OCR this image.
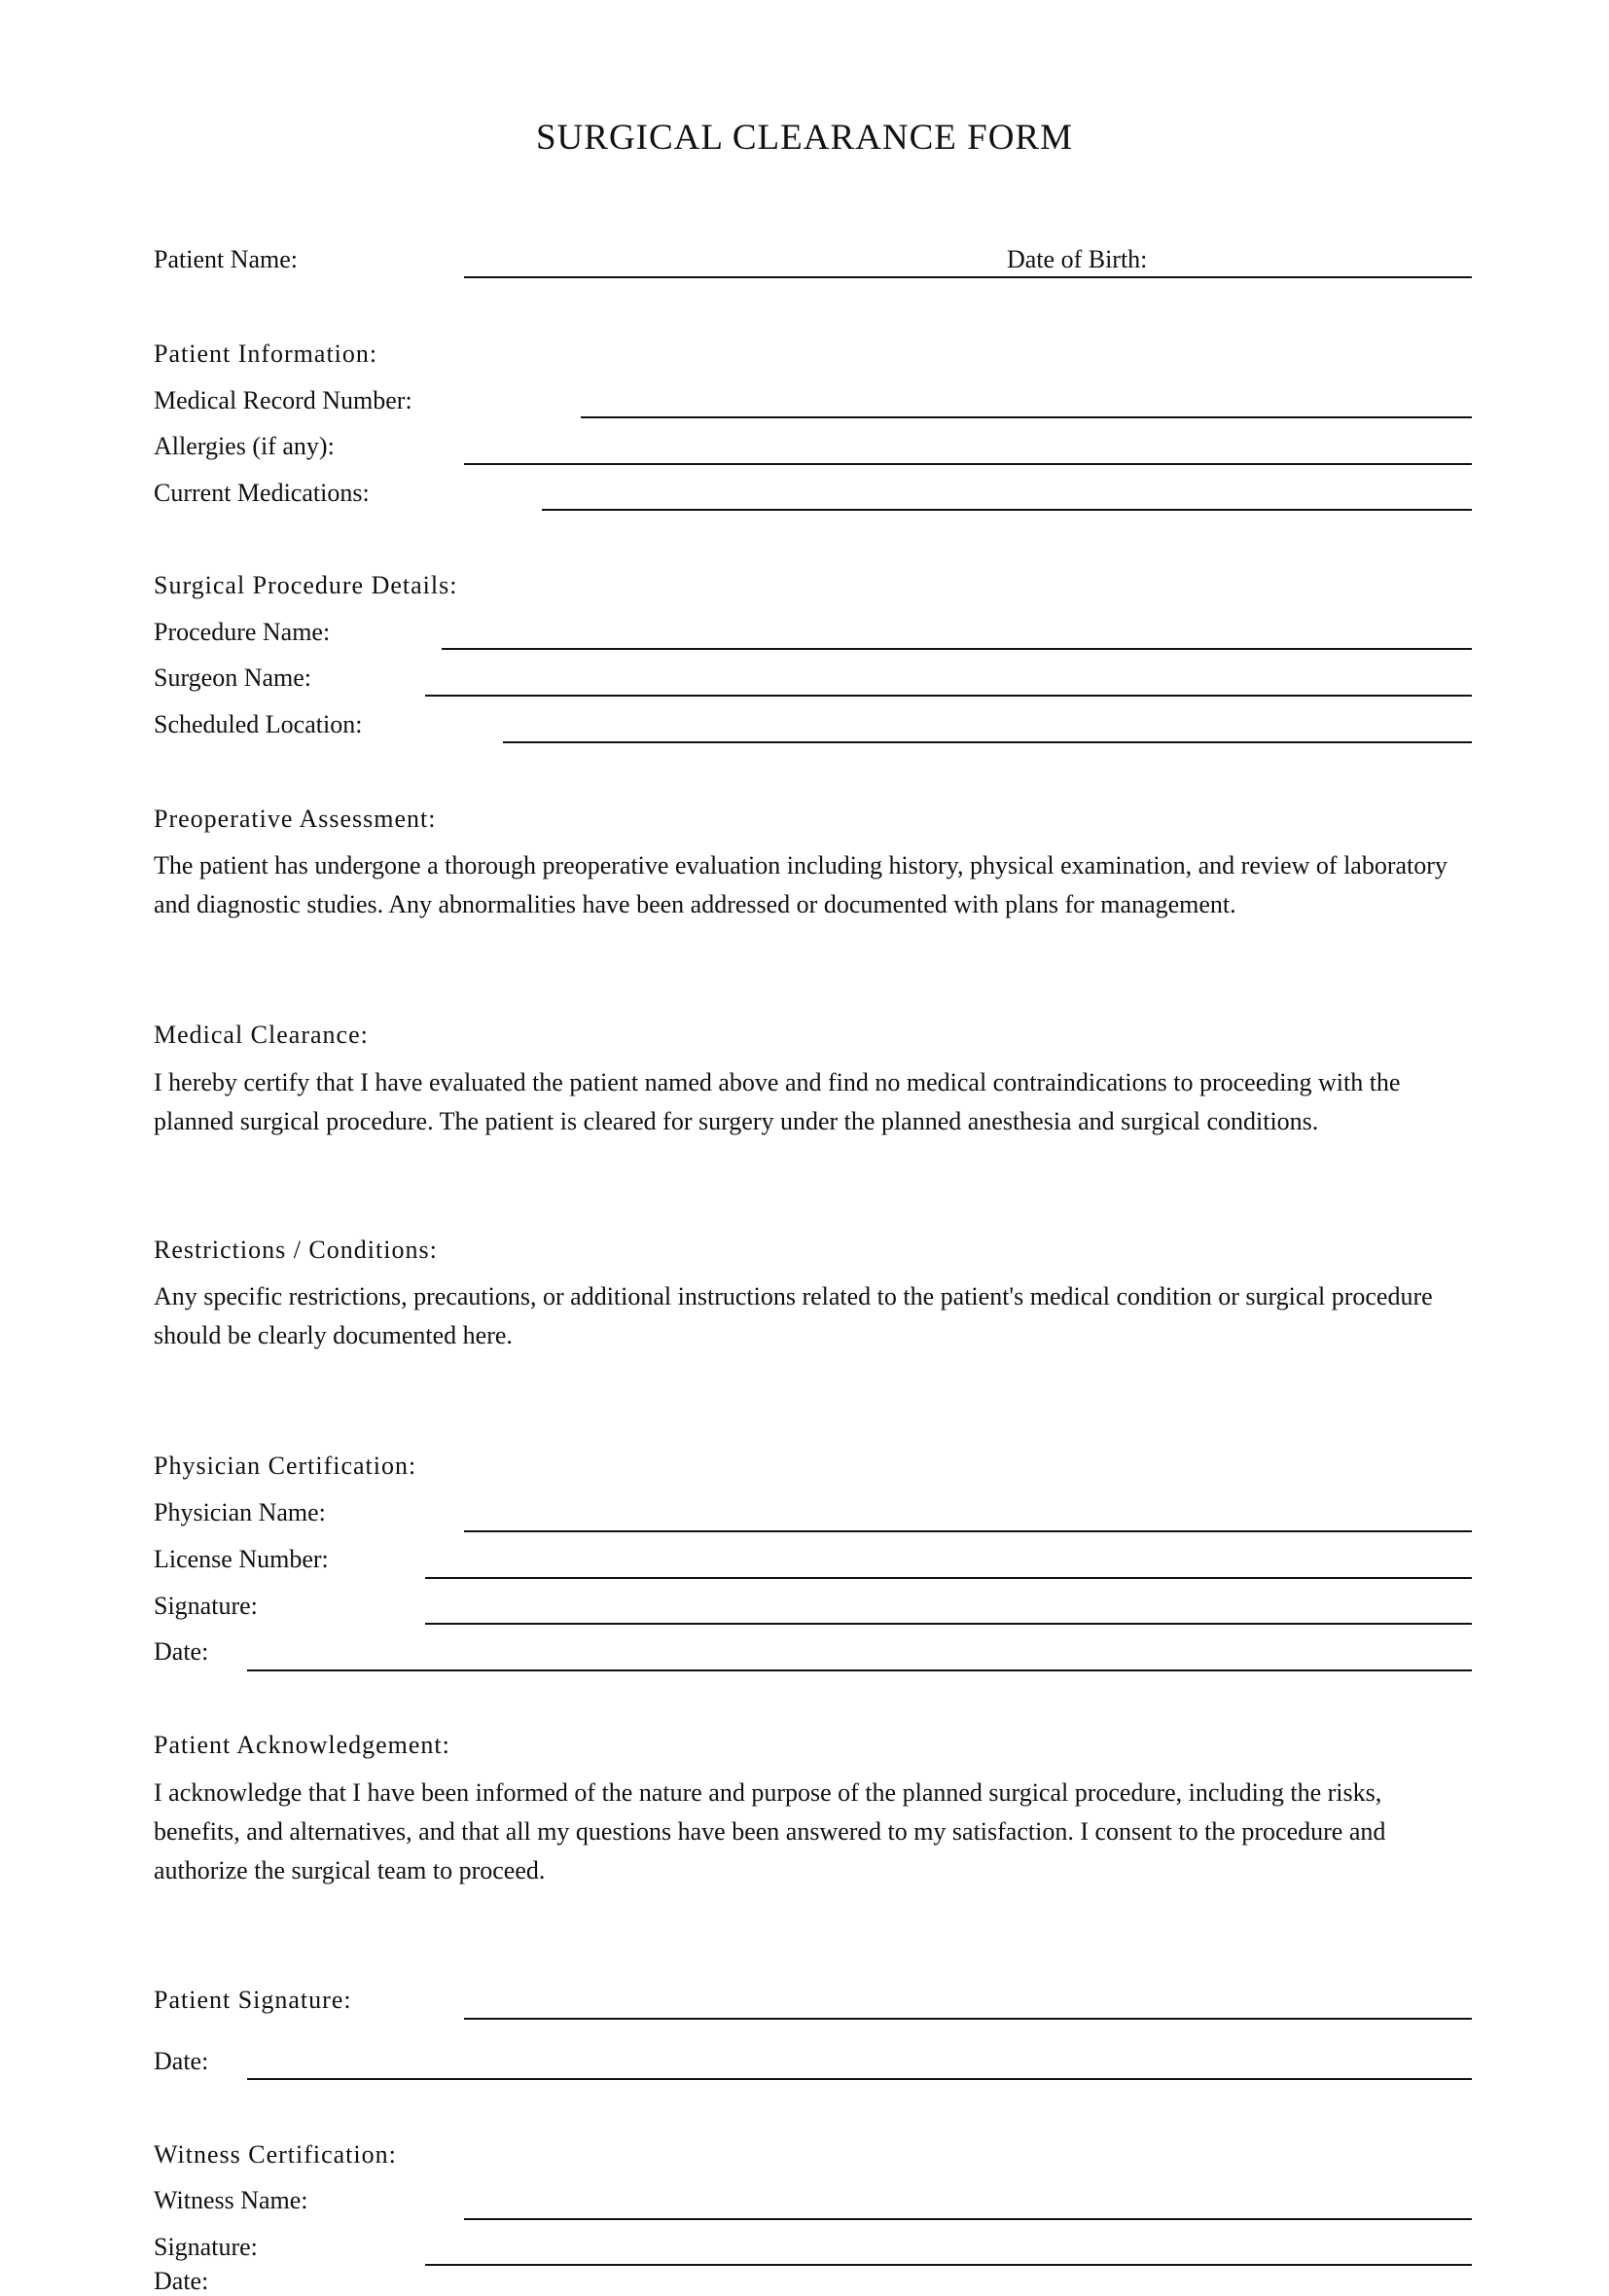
SURGICAL CLEARANCE FORM
Patient Name:	Date of Birth:
Patient Information:
Medical Record Number:
Allergies (if any):
Current Medications:
Surgical Procedure Details:
Procedure Name:
Surgeon Name:
Scheduled Location:
Preoperative Assessment:
The patient has undergone a thorough preoperative evaluation including history, physical examination, and review of laboratory and diagnostic studies. Any abnormalities have been addressed or documented with plans for management.
Medical Clearance:
I hereby certify that I have evaluated the patient named above and find no medical contraindications to proceeding with the planned surgical procedure. The patient is cleared for surgery under the planned anesthesia and surgical conditions.
Restrictions / Conditions:
Any specific restrictions, precautions, or additional instructions related to the patient's medical condition or surgical procedure should be clearly documented here.
Physician Certification:
Physician Name:
License Number:
Signature:
Date:
Patient Acknowledgement:
I acknowledge that I have been informed of the nature and purpose of the planned surgical procedure, including the risks, benefits, and alternatives, and that all my questions have been answered to my satisfaction. I consent to the procedure and authorize the surgical team to proceed.
Patient Signature:
Date:
Witness Certification:
Witness Name:
Signature:
Date:
